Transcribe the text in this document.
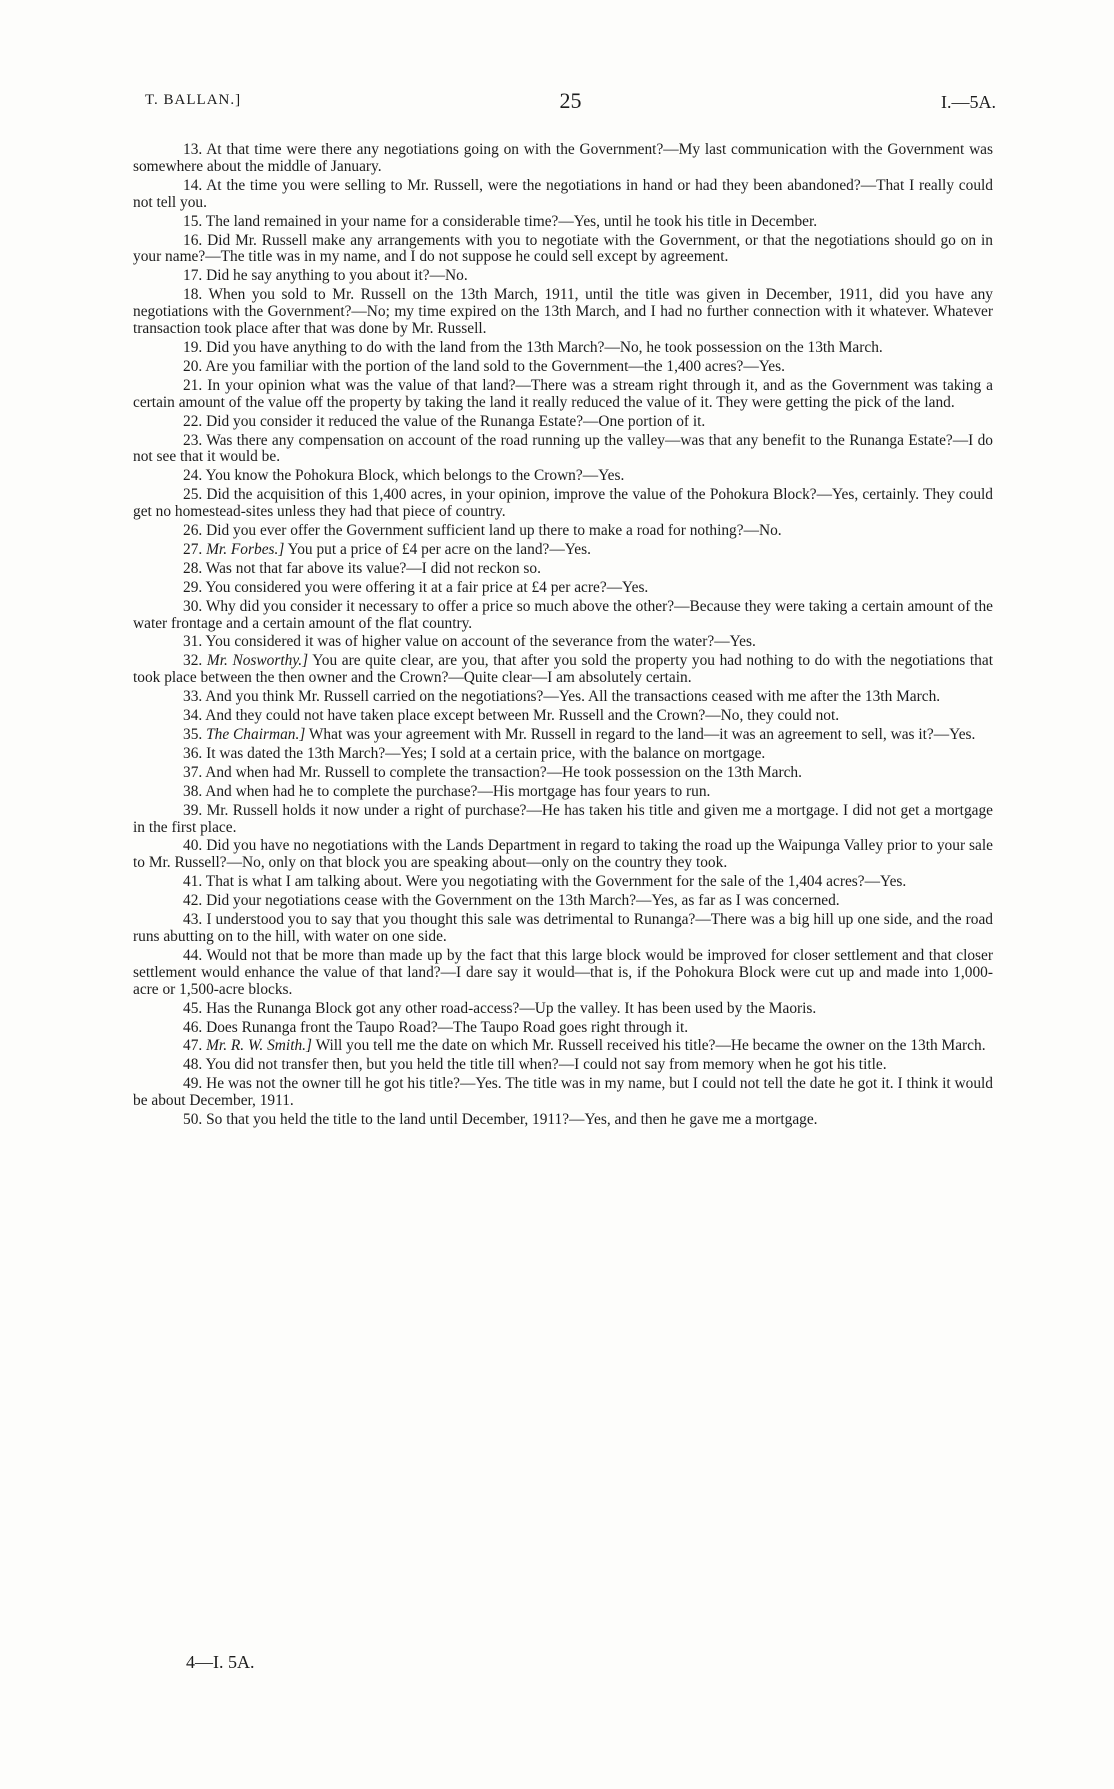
T. BALLAN.]	25	I.—5A.

13. At that time were there any negotiations going on with the Government?—My last communication with the Government was somewhere about the middle of January.

14. At the time you were selling to Mr. Russell, were the negotiations in hand or had they been abandoned?—That I really could not tell you.

15. The land remained in your name for a considerable time?—Yes, until he took his title in December.

16. Did Mr. Russell make any arrangements with you to negotiate with the Government, or that the negotiations should go on in your name?—The title was in my name, and I do not suppose he could sell except by agreement.

17. Did he say anything to you about it?—No.

18. When you sold to Mr. Russell on the 13th March, 1911, until the title was given in December, 1911, did you have any negotiations with the Government?—No; my time expired on the 13th March, and I had no further connection with it whatever. Whatever transaction took place after that was done by Mr. Russell.

19. Did you have anything to do with the land from the 13th March?—No, he took possession on the 13th March.

20. Are you familiar with the portion of the land sold to the Government—the 1,400 acres?—Yes.

21. In your opinion what was the value of that land?—There was a stream right through it, and as the Government was taking a certain amount of the value off the property by taking the land it really reduced the value of it. They were getting the pick of the land.

22. Did you consider it reduced the value of the Runanga Estate?—One portion of it.

23. Was there any compensation on account of the road running up the valley—was that any benefit to the Runanga Estate?—I do not see that it would be.

24. You know the Pohokura Block, which belongs to the Crown?—Yes.

25. Did the acquisition of this 1,400 acres, in your opinion, improve the value of the Pohokura Block?—Yes, certainly. They could get no homestead-sites unless they had that piece of country.

26. Did you ever offer the Government sufficient land up there to make a road for nothing?—No.

27. Mr. Forbes.] You put a price of £4 per acre on the land?—Yes.

28. Was not that far above its value?—I did not reckon so.

29. You considered you were offering it at a fair price at £4 per acre?—Yes.

30. Why did you consider it necessary to offer a price so much above the other?—Because they were taking a certain amount of the water frontage and a certain amount of the flat country.

31. You considered it was of higher value on account of the severance from the water?—Yes.

32. Mr. Nosworthy.] You are quite clear, are you, that after you sold the property you had nothing to do with the negotiations that took place between the then owner and the Crown?—Quite clear—I am absolutely certain.

33. And you think Mr. Russell carried on the negotiations?—Yes. All the transactions ceased with me after the 13th March.

34. And they could not have taken place except between Mr. Russell and the Crown?—No, they could not.

35. The Chairman.] What was your agreement with Mr. Russell in regard to the land—it was an agreement to sell, was it?—Yes.

36. It was dated the 13th March?—Yes; I sold at a certain price, with the balance on mortgage.

37. And when had Mr. Russell to complete the transaction?—He took possession on the 13th March.

38. And when had he to complete the purchase?—His mortgage has four years to run.

39. Mr. Russell holds it now under a right of purchase?—He has taken his title and given me a mortgage. I did not get a mortgage in the first place.

40. Did you have no negotiations with the Lands Department in regard to taking the road up the Waipunga Valley prior to your sale to Mr. Russell?—No, only on that block you are speaking about—only on the country they took.

41. That is what I am talking about. Were you negotiating with the Government for the sale of the 1,404 acres?—Yes.

42. Did your negotiations cease with the Government on the 13th March?—Yes, as far as I was concerned.

43. I understood you to say that you thought this sale was detrimental to Runanga?—There was a big hill up one side, and the road runs abutting on to the hill, with water on one side.

44. Would not that be more than made up by the fact that this large block would be improved for closer settlement and that closer settlement would enhance the value of that land?—I dare say it would—that is, if the Pohokura Block were cut up and made into 1,000-acre or 1,500-acre blocks.

45. Has the Runanga Block got any other road-access?—Up the valley. It has been used by the Maoris.

46. Does Runanga front the Taupo Road?—The Taupo Road goes right through it.

47. Mr. R. W. Smith.] Will you tell me the date on which Mr. Russell received his title?—He became the owner on the 13th March.

48. You did not transfer then, but you held the title till when?—I could not say from memory when he got his title.

49. He was not the owner till he got his title?—Yes. The title was in my name, but I could not tell the date he got it. I think it would be about December, 1911.

50. So that you held the title to the land until December, 1911?—Yes, and then he gave me a mortgage.

4—I. 5A.
